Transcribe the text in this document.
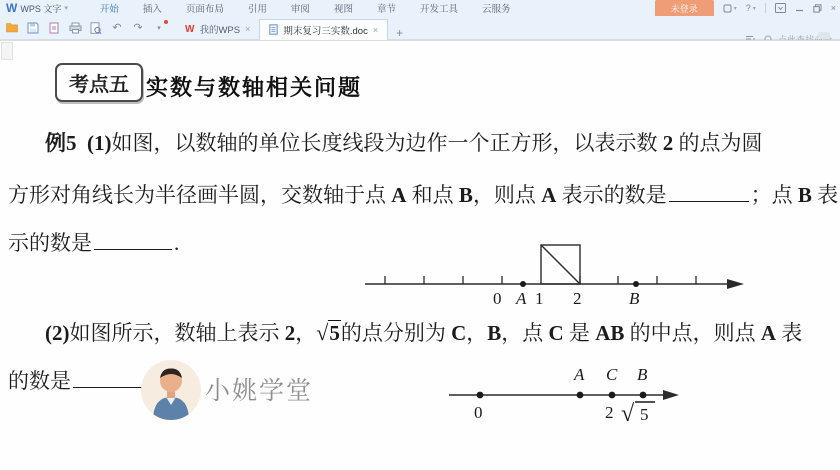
W WPS 文字 ▾	开始	插入	页面布局	引用	审阅	视图	章节	开发工具	云服务	未登录	▾ ? ▾	×
↶ ↷	▾ W 我的WPS ×	期末复习三实数.doc × +
考点五 实数与数轴相关问题
例5  (1)如图，以数轴的单位长度线段为边作一个正方形，以表示数 2 的点为圆
方形对角线长为半径画半圆，交数轴于点 A 和点 B，则点 A 表示的数是	；点 B 表
示的数是	.
0 A 1 2	B
(2)如图所示，数轴上表示 2，√5的点分别为 C，B，点 C 是 AB 的中点，则点 A 表
的数是	小姚学堂
A C B
0	2 √ 5
